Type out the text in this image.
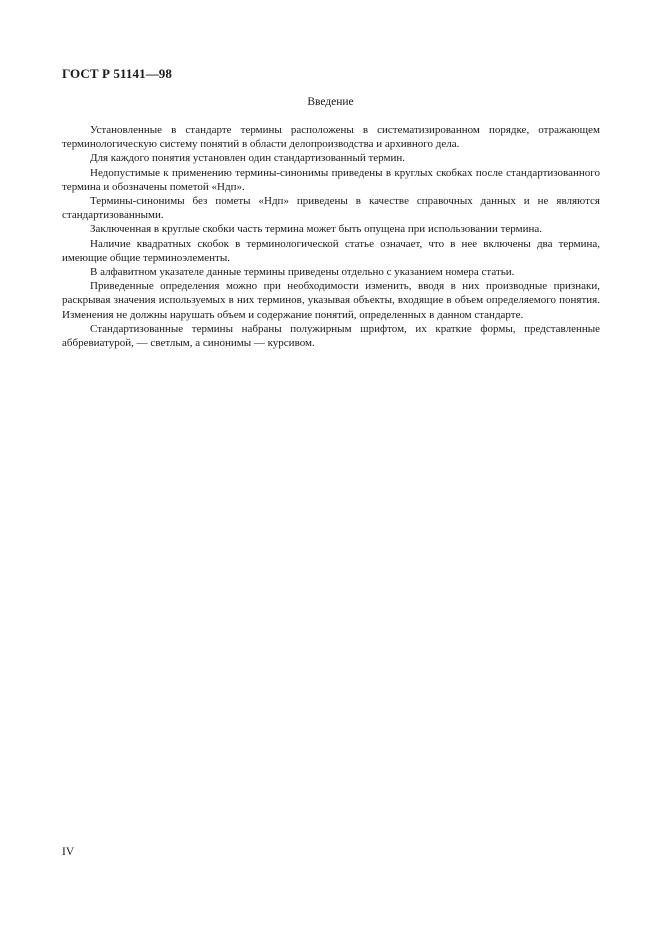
ГОСТ Р 51141—98
Введение

Установленные в стандарте термины расположены в систематизированном порядке, отражающем терминологическую систему понятий в области делопроизводства и архивного дела.

Для каждого понятия установлен один стандартизованный термин.

Недопустимые к применению термины-синонимы приведены в круглых скобках после стандартизованного термина и обозначены пометой «Ндп».

Термины-синонимы без пометы «Ндп» приведены в качестве справочных данных и не являются стандартизованными.

Заключенная в круглые скобки часть термина может быть опущена при использовании термина.

Наличие квадратных скобок в терминологической статье означает, что в нее включены два термина, имеющие общие терминоэлементы.

В алфавитном указателе данные термины приведены отдельно с указанием номера статьи.

Приведенные определения можно при необходимости изменить, вводя в них производные признаки, раскрывая значения используемых в них терминов, указывая объекты, входящие в объем определяемого понятия. Изменения не должны нарушать объем и содержание понятий, определенных в данном стандарте.

Стандартизованные термины набраны полужирным шрифтом, их краткие формы, представленные аббревиатурой, — светлым, а синонимы — курсивом.

IV
